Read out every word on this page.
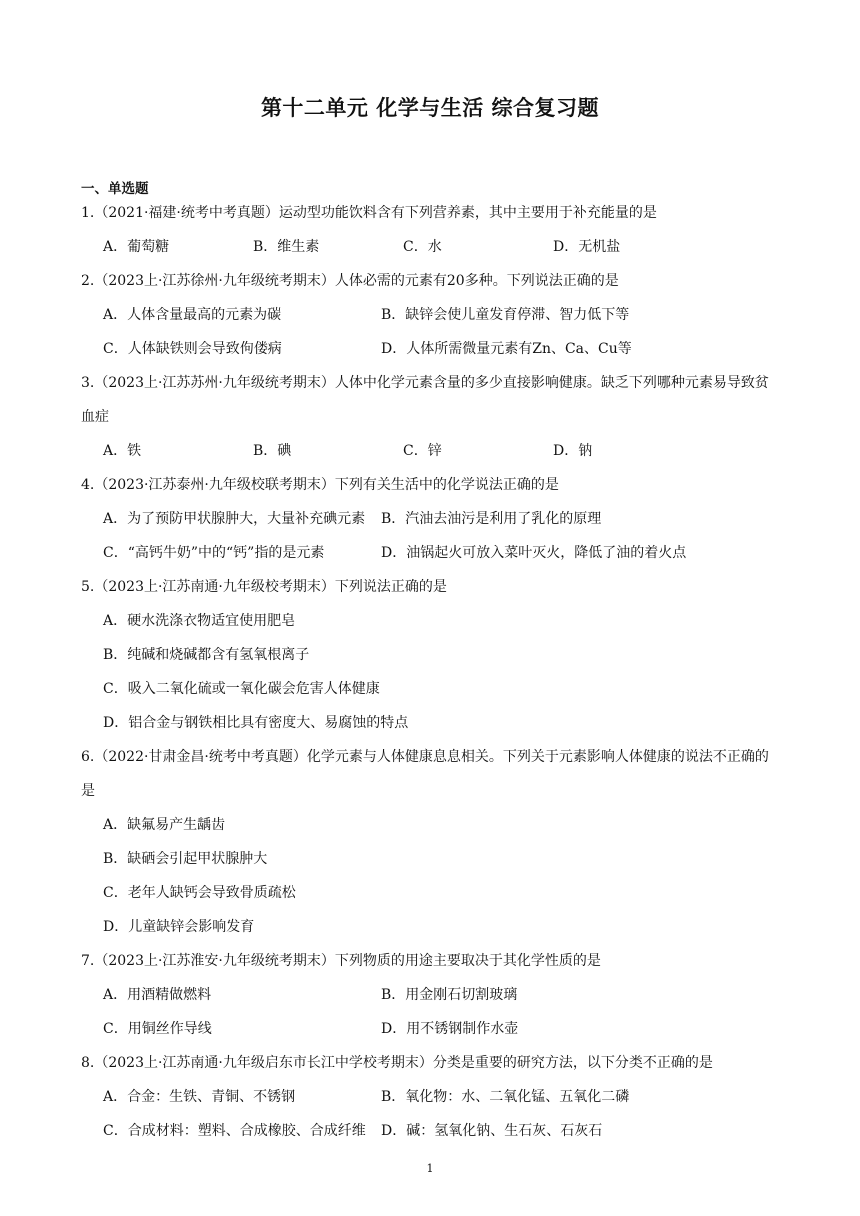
第十二单元 化学与生活 综合复习题
一、单选题
1.（2021·福建·统考中考真题）运动型功能饮料含有下列营养素，其中主要用于补充能量的是
A．葡萄糖	B．维生素	C．水	D．无机盐
2.（2023上·江苏徐州·九年级统考期末）人体必需的元素有20多种。下列说法正确的是
A．人体含量最高的元素为碳	B．缺锌会使儿童发育停滞、智力低下等
C．人体缺铁则会导致佝偻病	D．人体所需微量元素有Zn、Ca、Cu等
3.（2023上·江苏苏州·九年级统考期末）人体中化学元素含量的多少直接影响健康。缺乏下列哪种元素易导致贫血症
A．铁	B．碘	C．锌	D．钠
4.（2023·江苏泰州·九年级校联考期末）下列有关生活中的化学说法正确的是
A．为了预防甲状腺肿大，大量补充碘元素	B．汽油去油污是利用了乳化的原理
C．“高钙牛奶”中的“钙”指的是元素	D．油锅起火可放入菜叶灭火，降低了油的着火点
5.（2023上·江苏南通·九年级校考期末）下列说法正确的是
A．硬水洗涤衣物适宜使用肥皂
B．纯碱和烧碱都含有氢氧根离子
C．吸入二氧化硫或一氧化碳会危害人体健康
D．铝合金与钢铁相比具有密度大、易腐蚀的特点
6.（2022·甘肃金昌·统考中考真题）化学元素与人体健康息息相关。下列关于元素影响人体健康的说法不正确的是
A．缺氟易产生龋齿
B．缺硒会引起甲状腺肿大
C．老年人缺钙会导致骨质疏松
D．儿童缺锌会影响发育
7.（2023上·江苏淮安·九年级统考期末）下列物质的用途主要取决于其化学性质的是
A．用酒精做燃料	B．用金刚石切割玻璃
C．用铜丝作导线	D．用不锈钢制作水壶
8.（2023上·江苏南通·九年级启东市长江中学校考期末）分类是重要的研究方法，以下分类不正确的是
A．合金：生铁、青铜、不锈钢	B．氧化物：水、二氧化锰、五氧化二磷
C．合成材料：塑料、合成橡胶、合成纤维	D．碱：氢氧化钠、生石灰、石灰石
1
